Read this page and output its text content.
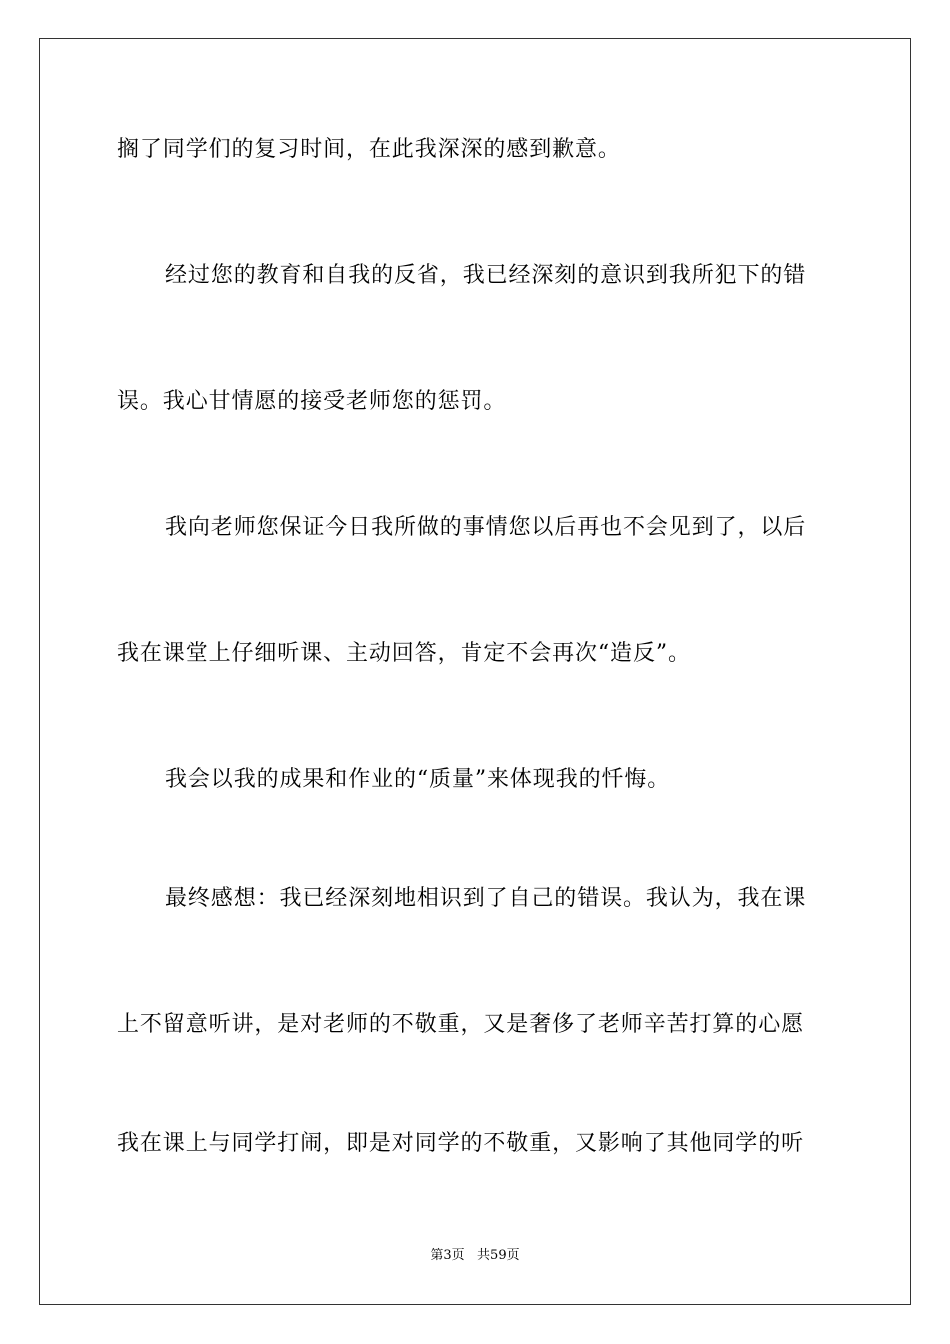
搁了同学们的复习时间，在此我深深的感到歉意。
经过您的教育和自我的反省，我已经深刻的意识到我所犯下的错
误。我心甘情愿的接受老师您的惩罚。
我向老师您保证今日我所做的事情您以后再也不会见到了，以后
我在课堂上仔细听课、主动回答，肯定不会再次“造反”。
我会以我的成果和作业的“质量”来体现我的忏悔。
最终感想：我已经深刻地相识到了自己的错误。我认为，我在课
上不留意听讲，是对老师的不敬重，又是奢侈了老师辛苦打算的心愿
我在课上与同学打闹，即是对同学的不敬重，又影响了其他同学的听
第3页   共59页
